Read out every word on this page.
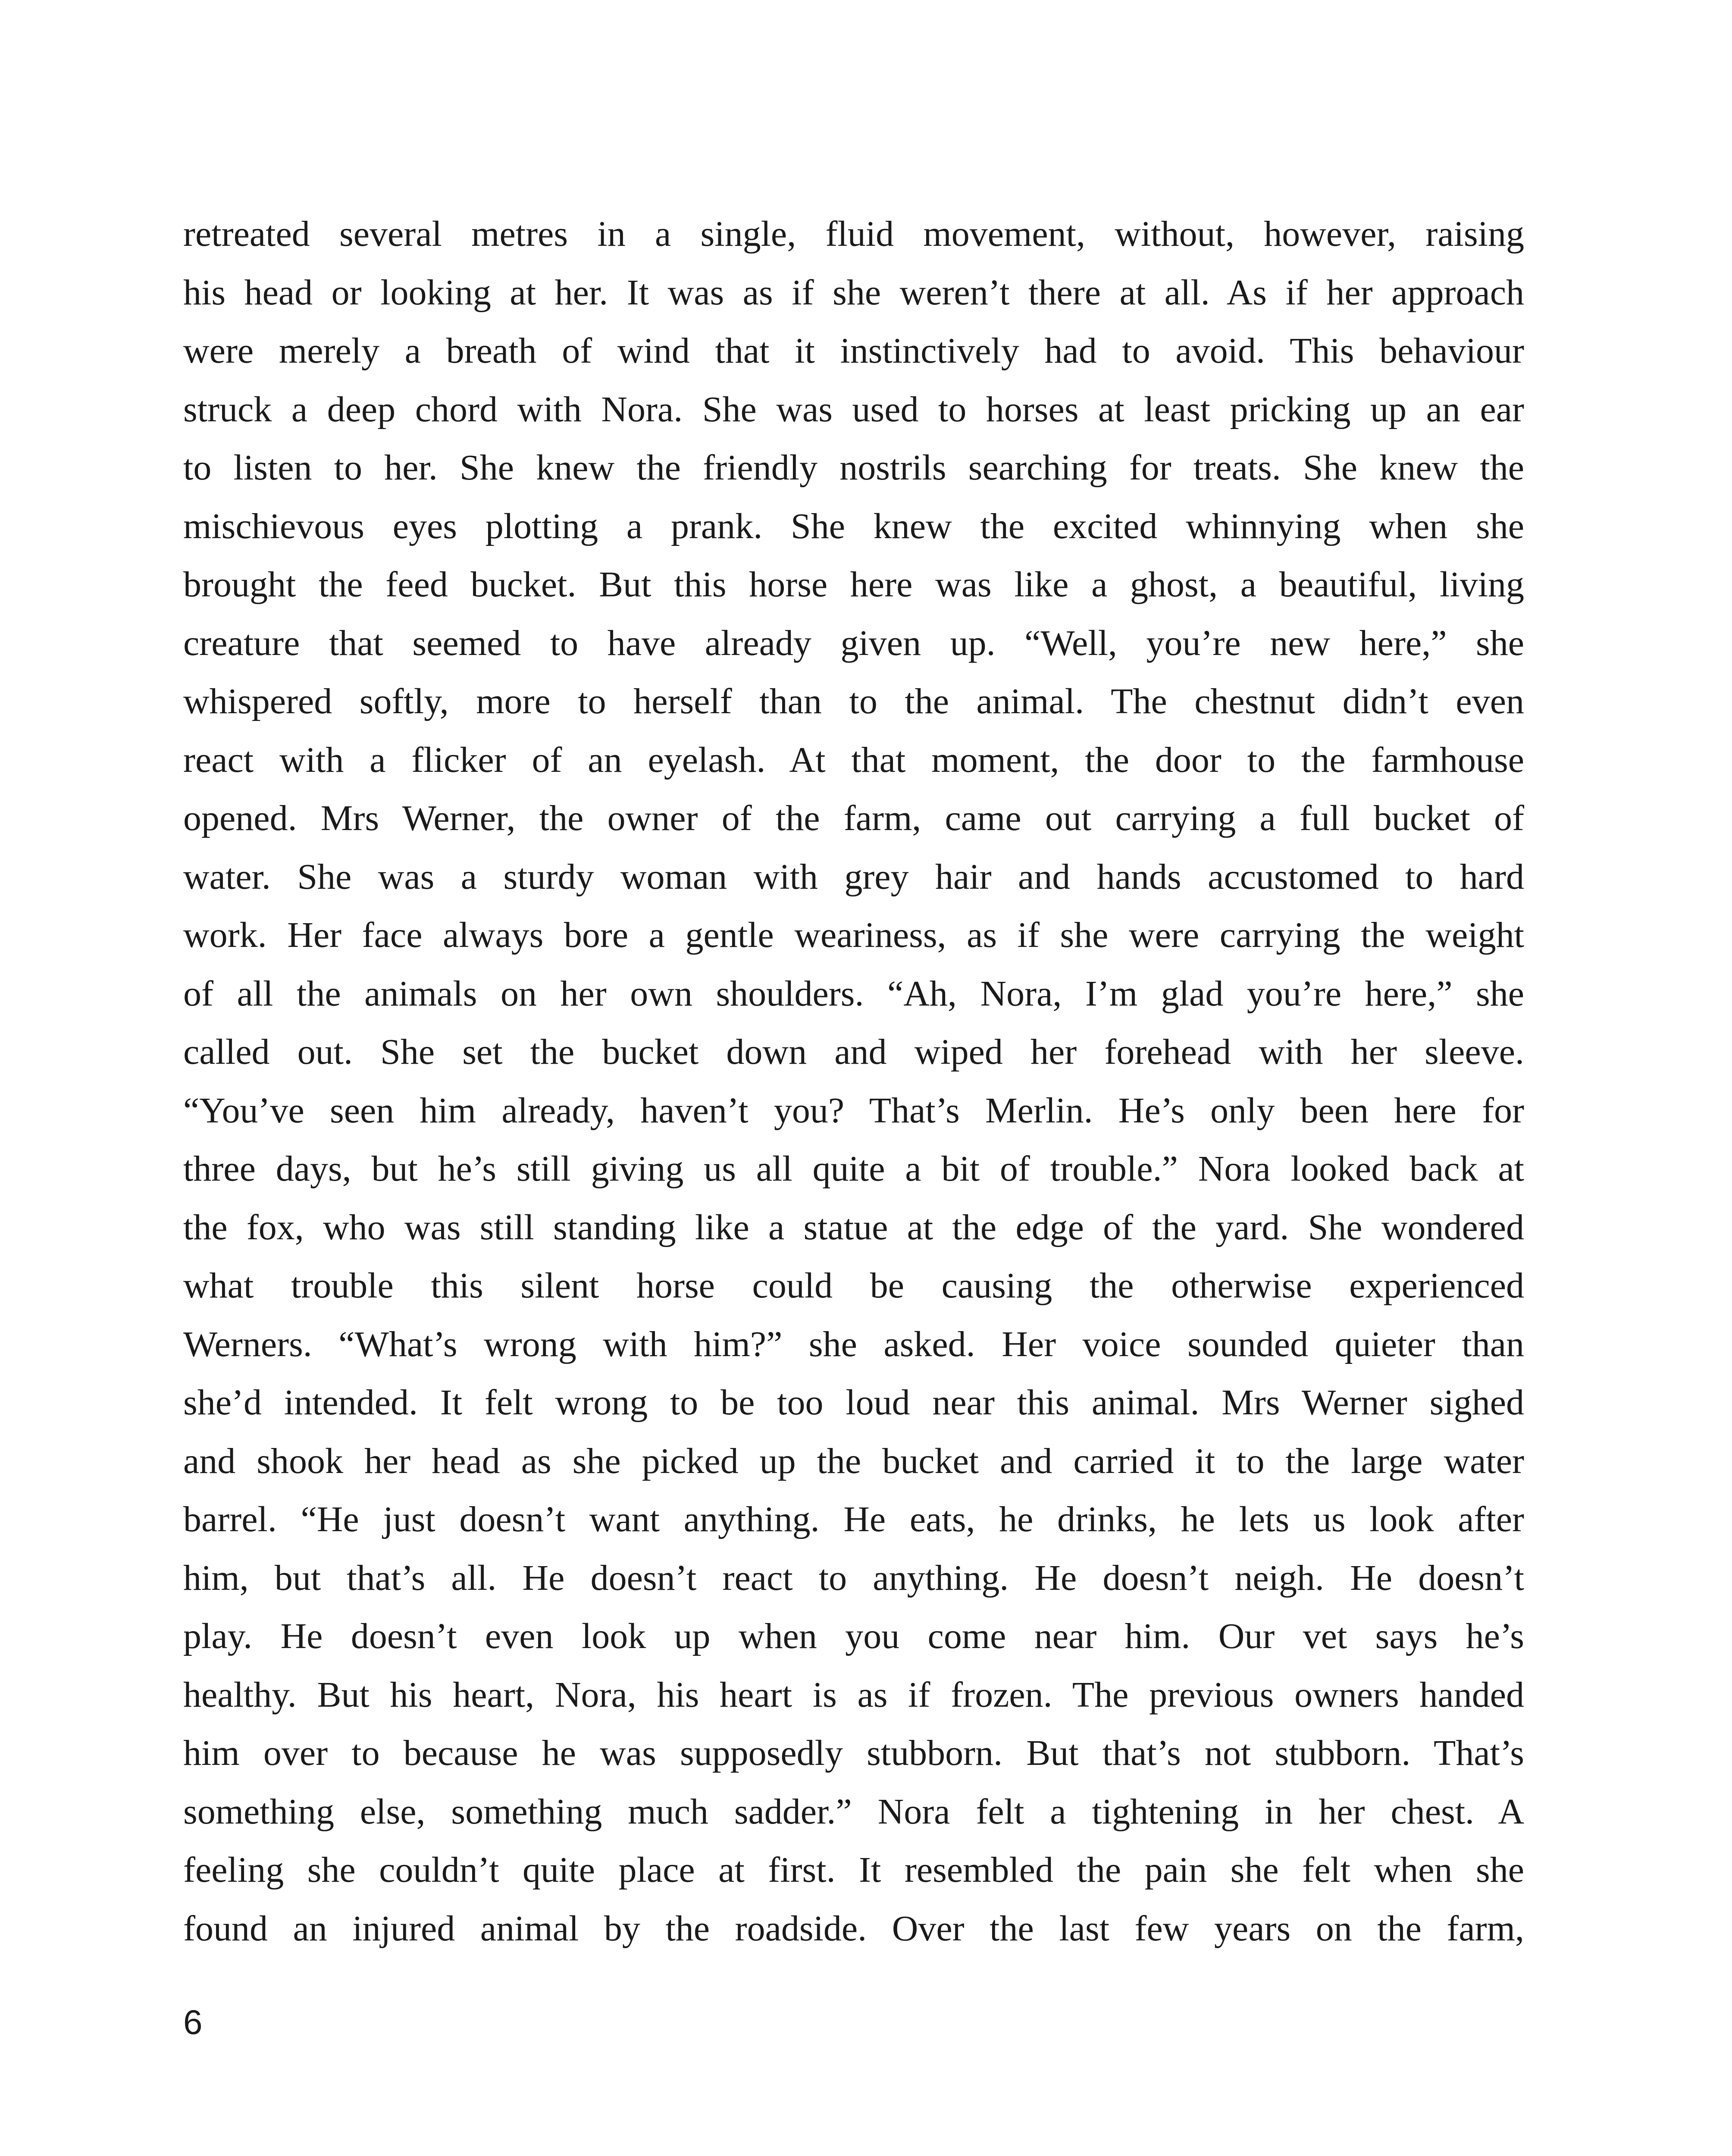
retreated several metres in a single, fluid movement, without, however, raising
his head or looking at her. It was as if she weren’t there at all. As if her approach
were merely a breath of wind that it instinctively had to avoid. This behaviour
struck a deep chord with Nora. She was used to horses at least pricking up an ear
to listen to her. She knew the friendly nostrils searching for treats. She knew the
mischievous eyes plotting a prank. She knew the excited whinnying when she
brought the feed bucket. But this horse here was like a ghost, a beautiful, living
creature that seemed to have already given up. “Well, you’re new here,” she
whispered softly, more to herself than to the animal. The chestnut didn’t even
react with a flicker of an eyelash. At that moment, the door to the farmhouse
opened. Mrs Werner, the owner of the farm, came out carrying a full bucket of
water. She was a sturdy woman with grey hair and hands accustomed to hard
work. Her face always bore a gentle weariness, as if she were carrying the weight
of all the animals on her own shoulders. “Ah, Nora, I’m glad you’re here,” she
called out. She set the bucket down and wiped her forehead with her sleeve.
“You’ve seen him already, haven’t you? That’s Merlin. He’s only been here for
three days, but he’s still giving us all quite a bit of trouble.” Nora looked back at
the fox, who was still standing like a statue at the edge of the yard. She wondered
what trouble this silent horse could be causing the otherwise experienced
Werners. “What’s wrong with him?” she asked. Her voice sounded quieter than
she’d intended. It felt wrong to be too loud near this animal. Mrs Werner sighed
and shook her head as she picked up the bucket and carried it to the large water
barrel. “He just doesn’t want anything. He eats, he drinks, he lets us look after
him, but that’s all. He doesn’t react to anything. He doesn’t neigh. He doesn’t
play. He doesn’t even look up when you come near him. Our vet says he’s
healthy. But his heart, Nora, his heart is as if frozen. The previous owners handed
him over to because he was supposedly stubborn. But that’s not stubborn. That’s
something else, something much sadder.” Nora felt a tightening in her chest. A
feeling she couldn’t quite place at first. It resembled the pain she felt when she
found an injured animal by the roadside. Over the last few years on the farm,
6
